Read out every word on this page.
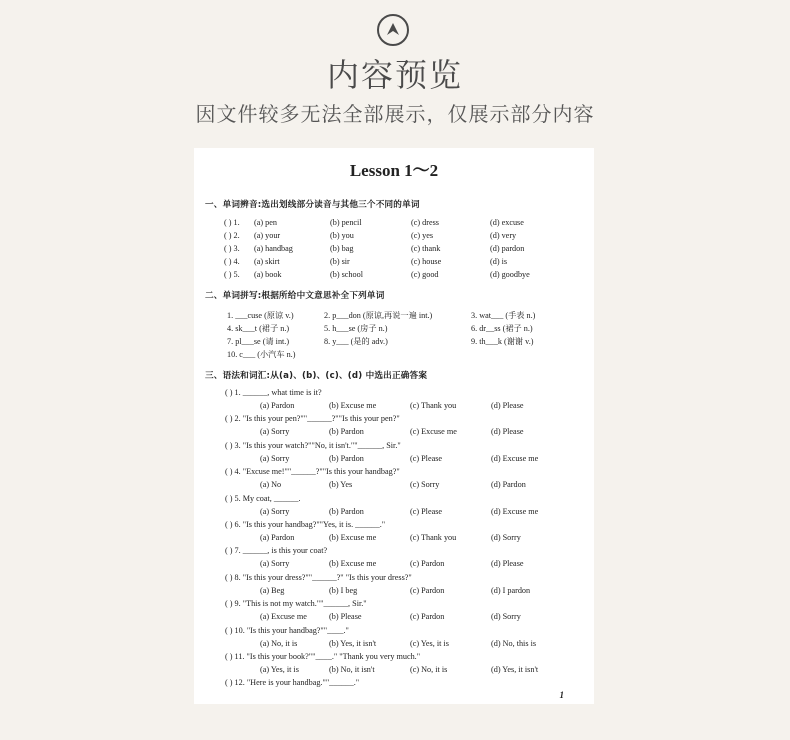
内容预览
因文件较多无法全部展示，仅展示部分内容
Lesson 1～2
一、单词辨音:选出划线部分读音与其他三个不同的单词
( ) 1. (a) pen	(b) pencil	(c) dress	(d) excuse
( ) 2. (a) your	(b) you	(c) yes	(d) very
( ) 3. (a) handbag	(b) bag	(c) thank	(d) pardon
( ) 4. (a) skirt	(b) sir	(c) house	(d) is
( ) 5. (a) book	(b) school	(c) good	(d) goodbye
二、单词拼写:根据所给中文意思补全下列单词
1. ___cuse (原谅 v.)	2. p___don (原谅,再说一遍 int.)	3. wat___ (手表 n.)
4. sk___t (裙子 n.)	5. h___se (房子 n.)	6. dr__ss (裙子 n.)
7. pl___se (请 int.)	8. y___ (是的 adv.)	9. th___k (谢谢 v.)
10. c___ (小汽车 n.)
三、语法和词汇:从(a)、(b)、(c)、(d) 中选出正确答案
( ) 1. ______, what time is it?
(a) Pardon	(b) Excuse me	(c) Thank you	(d) Please
( ) 2. "Is this your pen?""______?""Is this your pen?"
(a) Sorry	(b) Pardon	(c) Excuse me	(d) Please
( ) 3. "Is this your watch?""No, it isn't.""______, Sir."
(a) Sorry	(b) Pardon	(c) Please	(d) Excuse me
( ) 4. "Excuse me!""______?""Is this your handbag?"
(a) No	(b) Yes	(c) Sorry	(d) Pardon
( ) 5. My coat, ______.
(a) Sorry	(b) Pardon	(c) Please	(d) Excuse me
( ) 6. "Is this your handbag?""Yes, it is. ______."
(a) Pardon	(b) Excuse me	(c) Thank you	(d) Sorry
( ) 7. ______, is this your coat?
(a) Sorry	(b) Excuse me	(c) Pardon	(d) Please
( ) 8. "Is this your dress?""______?" "Is this your dress?"
(a) Beg	(b) I beg	(c) Pardon	(d) I pardon
( ) 9. "This is not my watch.""______, Sir."
(a) Excuse me	(b) Please	(c) Pardon	(d) Sorry
( ) 10. "Is this your handbag?""____."
(a) No, it is	(b) Yes, it isn't	(c) Yes, it is	(d) No, this is
( ) 11. "Is this your book?""____." "Thank you very much."
(a) Yes, it is	(b) No, it isn't	(c) No, it is	(d) Yes, it isn't
( ) 12. "Here is your handbag.""______."
1
